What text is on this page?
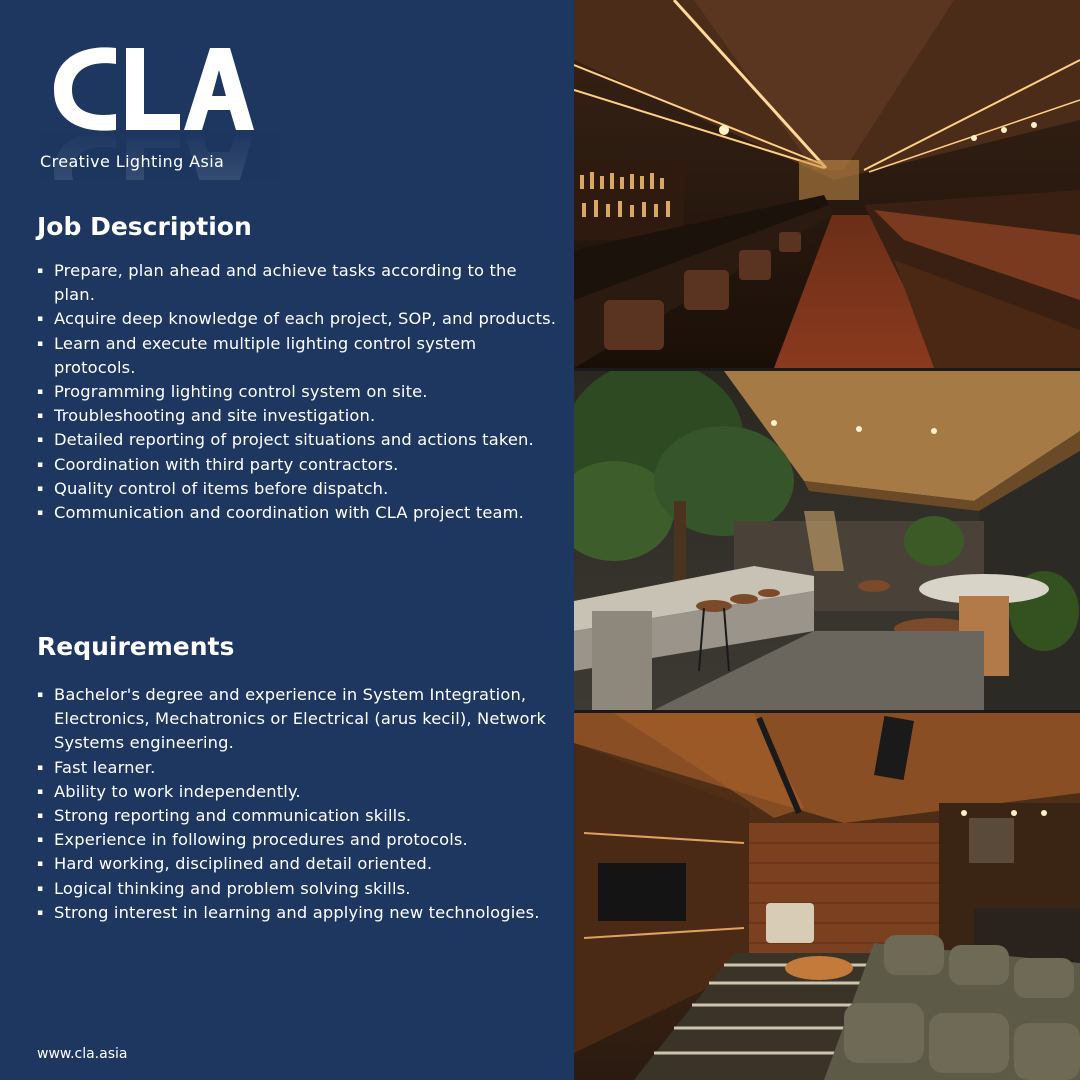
Creative Lighting Asia
Job Description
▪ Prepare, plan ahead and achieve tasks according to the plan.
▪ Acquire deep knowledge of each project, SOP, and products.
▪ Learn and execute multiple lighting control system protocols.
▪ Programming lighting control system on site.
▪ Troubleshooting and site investigation.
▪ Detailed reporting of project situations and actions taken.
▪ Coordination with third party contractors.
▪ Quality control of items before dispatch.
▪ Communication and coordination with CLA project team.
Requirements
▪ Bachelor's degree and experience in System Integration, Electronics, Mechatronics or Electrical (arus kecil), Network Systems engineering.
▪ Fast learner.
▪ Ability to work independently.
▪ Strong reporting and communication skills.
▪ Experience in following procedures and protocols.
▪ Hard working, disciplined and detail oriented.
▪ Logical thinking and problem solving skills.
▪ Strong interest in learning and applying new technologies.
www.cla.asia
